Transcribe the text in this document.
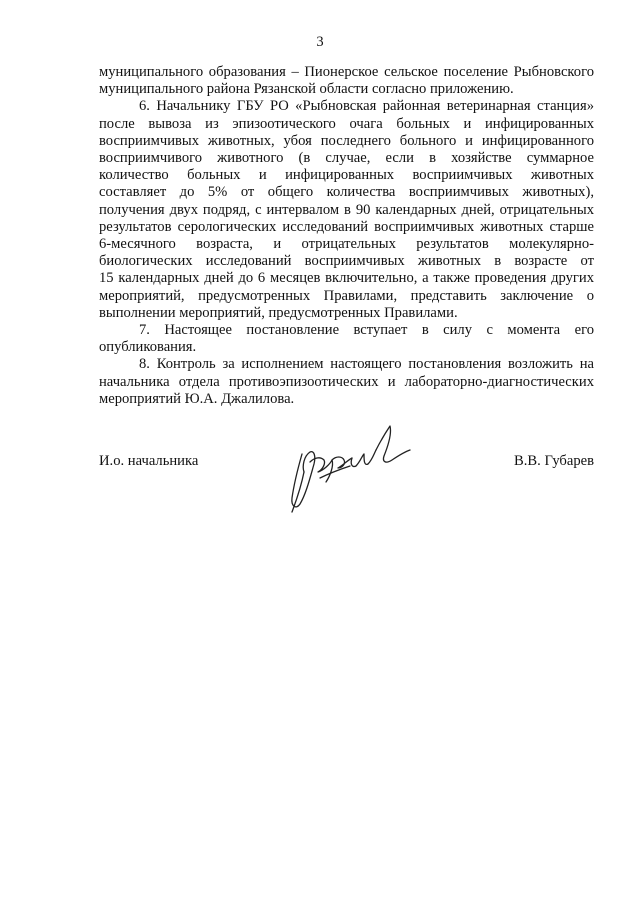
3

муниципального образования – Пионерское сельское поселение Рыбновского
муниципального района Рязанской области согласно приложению.

6. Начальнику ГБУ РО «Рыбновская районная ветеринарная станция»
после вывоза из эпизоотического очага больных и инфицированных
восприимчивых животных, убоя последнего больного и инфицированного
восприимчивого животного (в случае, если в хозяйстве суммарное
количество больных и инфицированных восприимчивых животных
составляет до 5% от общего количества восприимчивых животных),
получения двух подряд, с интервалом в 90 календарных дней, отрицательных
результатов серологических исследований восприимчивых животных старше
6-месячного возраста, и отрицательных результатов молекулярно-
биологических исследований восприимчивых животных в возрасте от
15 календарных дней до 6 месяцев включительно, а также проведения других
мероприятий, предусмотренных Правилами, представить заключение о
выполнении мероприятий, предусмотренных Правилами.

7. Настоящее постановление вступает в силу с момента его
опубликования.

8. Контроль за исполнением настоящего постановления возложить на
начальника отдела противоэпизоотических и лабораторно-диагностических
мероприятий Ю.А. Джалилова.

И.о. начальника	В.В. Губарев
